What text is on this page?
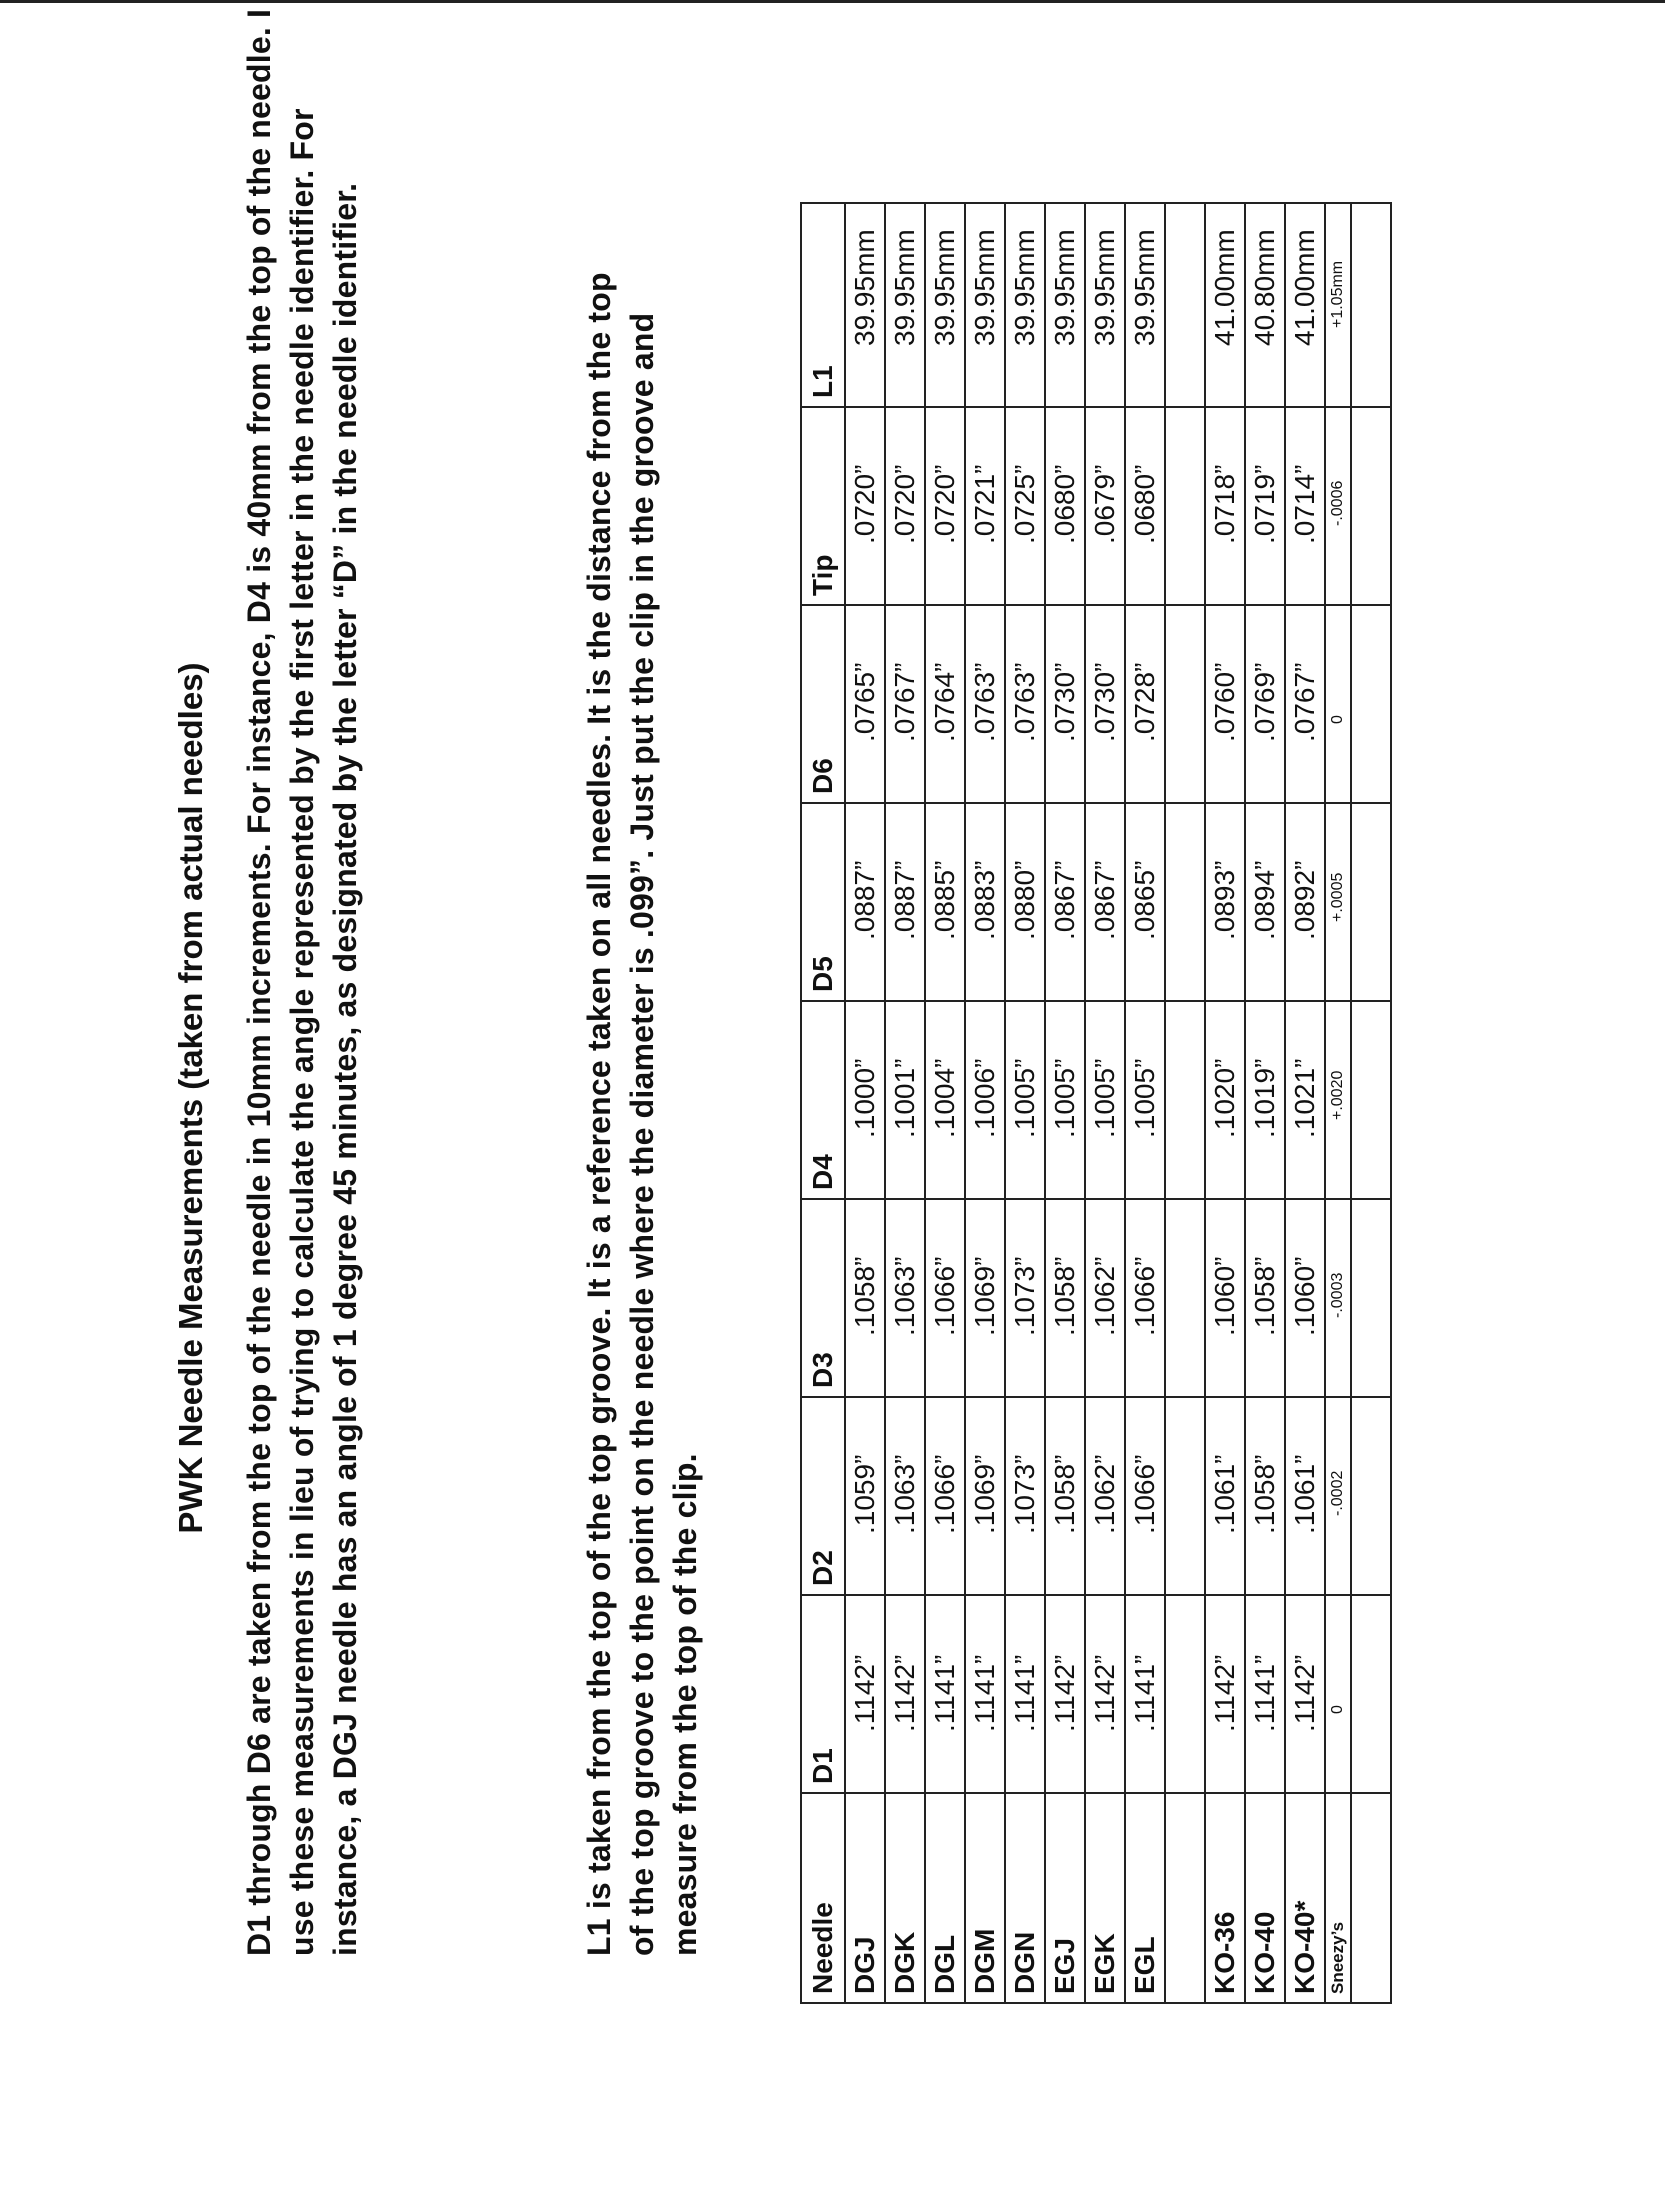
PWK Needle Measurements (taken from actual needles) D1 through D6 are taken from the top of the needle in 10mm increments. For instance, D4 is 40mm from the top of the needle. I use these measurements in lieu of trying to calculate the angle represented by the first letter in the needle identifier. For instance, a DGJ needle has an angle of 1 degree 45 minutes, as designated by the letter “D” in the needle identifier.	L1 is taken from the top of the top groove. It is a reference taken on all needles. It is the distance from the top of the top groove to the point on the needle where the diameter is .099”. Just put the clip in the groove and measure from the top of the clip.	Needle	D1	D2	D3	D4	D5	D6	Tip	L1
DGJ	.1142”	.1059”	.1058”	.1000”	.0887”	.0765”	.0720”	39.95mm
DGK	.1142”	.1063”	.1063”	.1001”	.0887”	.0767”	.0720”	39.95mm
DGL	.1141”	.1066”	.1066”	.1004”	.0885”	.0764”	.0720”	39.95mm
DGM	.1141”	.1069”	.1069”	.1006”	.0883”	.0763”	.0721”	39.95mm
DGN	.1141”	.1073”	.1073”	.1005”	.0880”	.0763”	.0725”	39.95mm
EGJ	.1142”	.1058”	.1058”	.1005”	.0867”	.0730”	.0680”	39.95mm
EGK	.1142”	.1062”	.1062”	.1005”	.0867”	.0730”	.0679”	39.95mm
EGL	.1141”	.1066”	.1066”	.1005”	.0865”	.0728”	.0680”	39.95mm

KO-36	.1142”	.1061”	.1060”	.1020”	.0893”	.0760”	.0718”	41.00mm
KO-40	.1141”	.1058”	.1058”	.1019”	.0894”	.0769”	.0719”	40.80mm
KO-40*	.1142”	.1061”	.1060”	.1021”	.0892”	.0767”	.0714”	41.00mm
Sneezy’s	0	-.0002	-.0003	+.0020	+.0005	0	-.0006	+1.05mm
